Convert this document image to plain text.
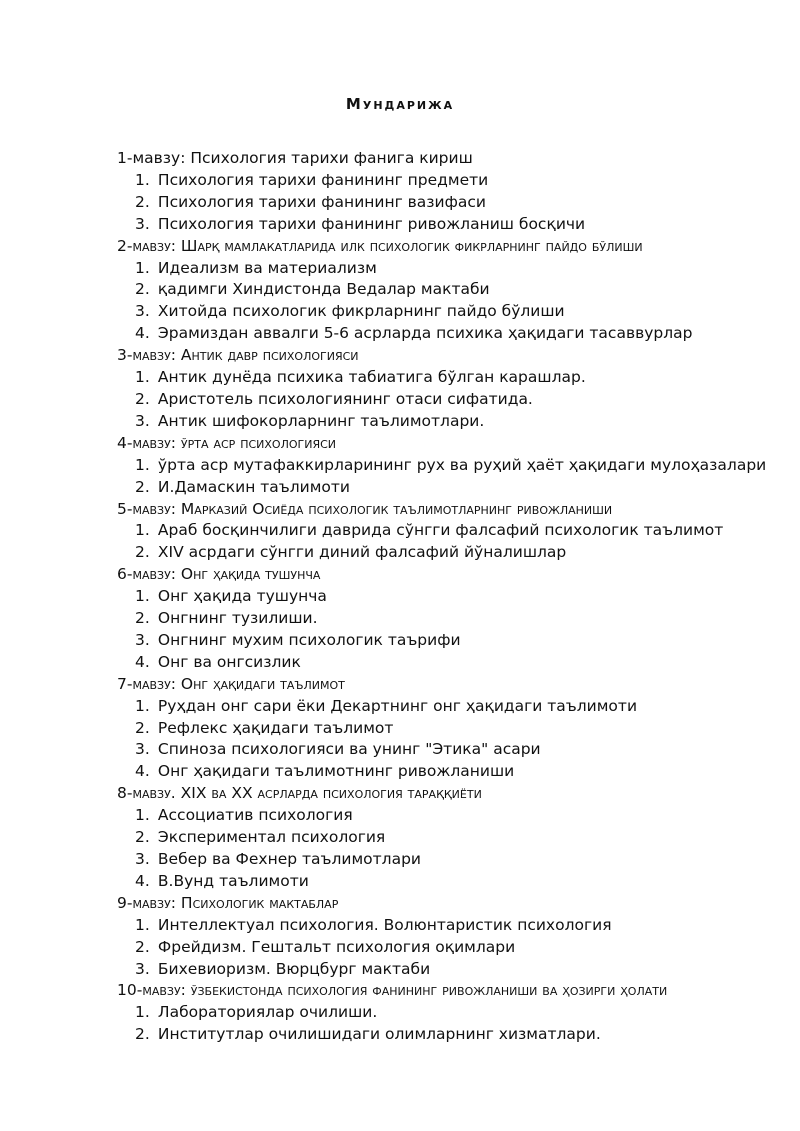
Мундарижа
1-мавзу: Психология тарихи фанига кириш
1. Психология тарихи фанининг предмети
2. Психология тарихи фанининг вазифаси
3. Психология тарихи фанининг ривожланиш босқичи
2-мавзу: Шарқ мамлакатларида илк психологик фикрларнинг пайдо бўлиши
1. Идеализм ва материализм
2. қадимги Хиндистонда Ведалар мактаби
3. Хитойда психологик фикрларнинг пайдо бўлиши
4. Эрамиздан аввалги 5-6 асрларда психика ҳақидаги тасаввурлар
3-мавзу: Антик давр психологияси
1. Антик дунёда психика табиатига бўлган карашлар.
2. Аристотель психологиянинг отаси сифатида.
3. Антик шифокорларнинг таълимотлари.
4-мавзу: ўрта аср психологияси
1. ўрта аср мутафаккирларининг рух ва руҳий ҳаёт ҳақидаги мулоҳазалари
2. И.Дамаскин таълимоти
5-мавзу: Марказий Осиёда психологик таълимотларнинг ривожланиши
1. Араб босқинчилиги даврида сўнгги фалсафий психологик таълимот
2. XIV асрдаги сўнгги диний фалсафий йўналишлар
6-мавзу: Онг ҳақида тушунча
1. Онг ҳақида тушунча
2. Онгнинг тузилиши.
3. Онгнинг мухим психологик таърифи
4. Онг ва онгсизлик
7-мавзу: Онг ҳақидаги таълимот
1. Руҳдан онг сари ёки Декартнинг онг ҳақидаги таълимоти
2. Рефлекс ҳақидаги таълимот
3. Спиноза психологияси ва унинг "Этика" асари
4. Онг ҳақидаги таълимотнинг ривожланиши
8-мавзу. XIX ва XX асрларда психология тараққиёти
1. Ассоциатив психология
2. Экспериментал психология
3. Вебер ва Фехнер таълимотлари
4. В.Вунд таълимоти
9-мавзу: Психологик мактаблар
1. Интеллектуал психология. Волюнтаристик психология
2. Фрейдизм. Гештальт психология оқимлари
3. Бихевиоризм. Вюрцбург мактаби
10-мавзу: ўзбекистонда психология фанининг ривожланиши ва ҳозирги ҳолати
1. Лабораториялар очилиши.
2. Институтлар очилишидаги олимларнинг хизматлари.
